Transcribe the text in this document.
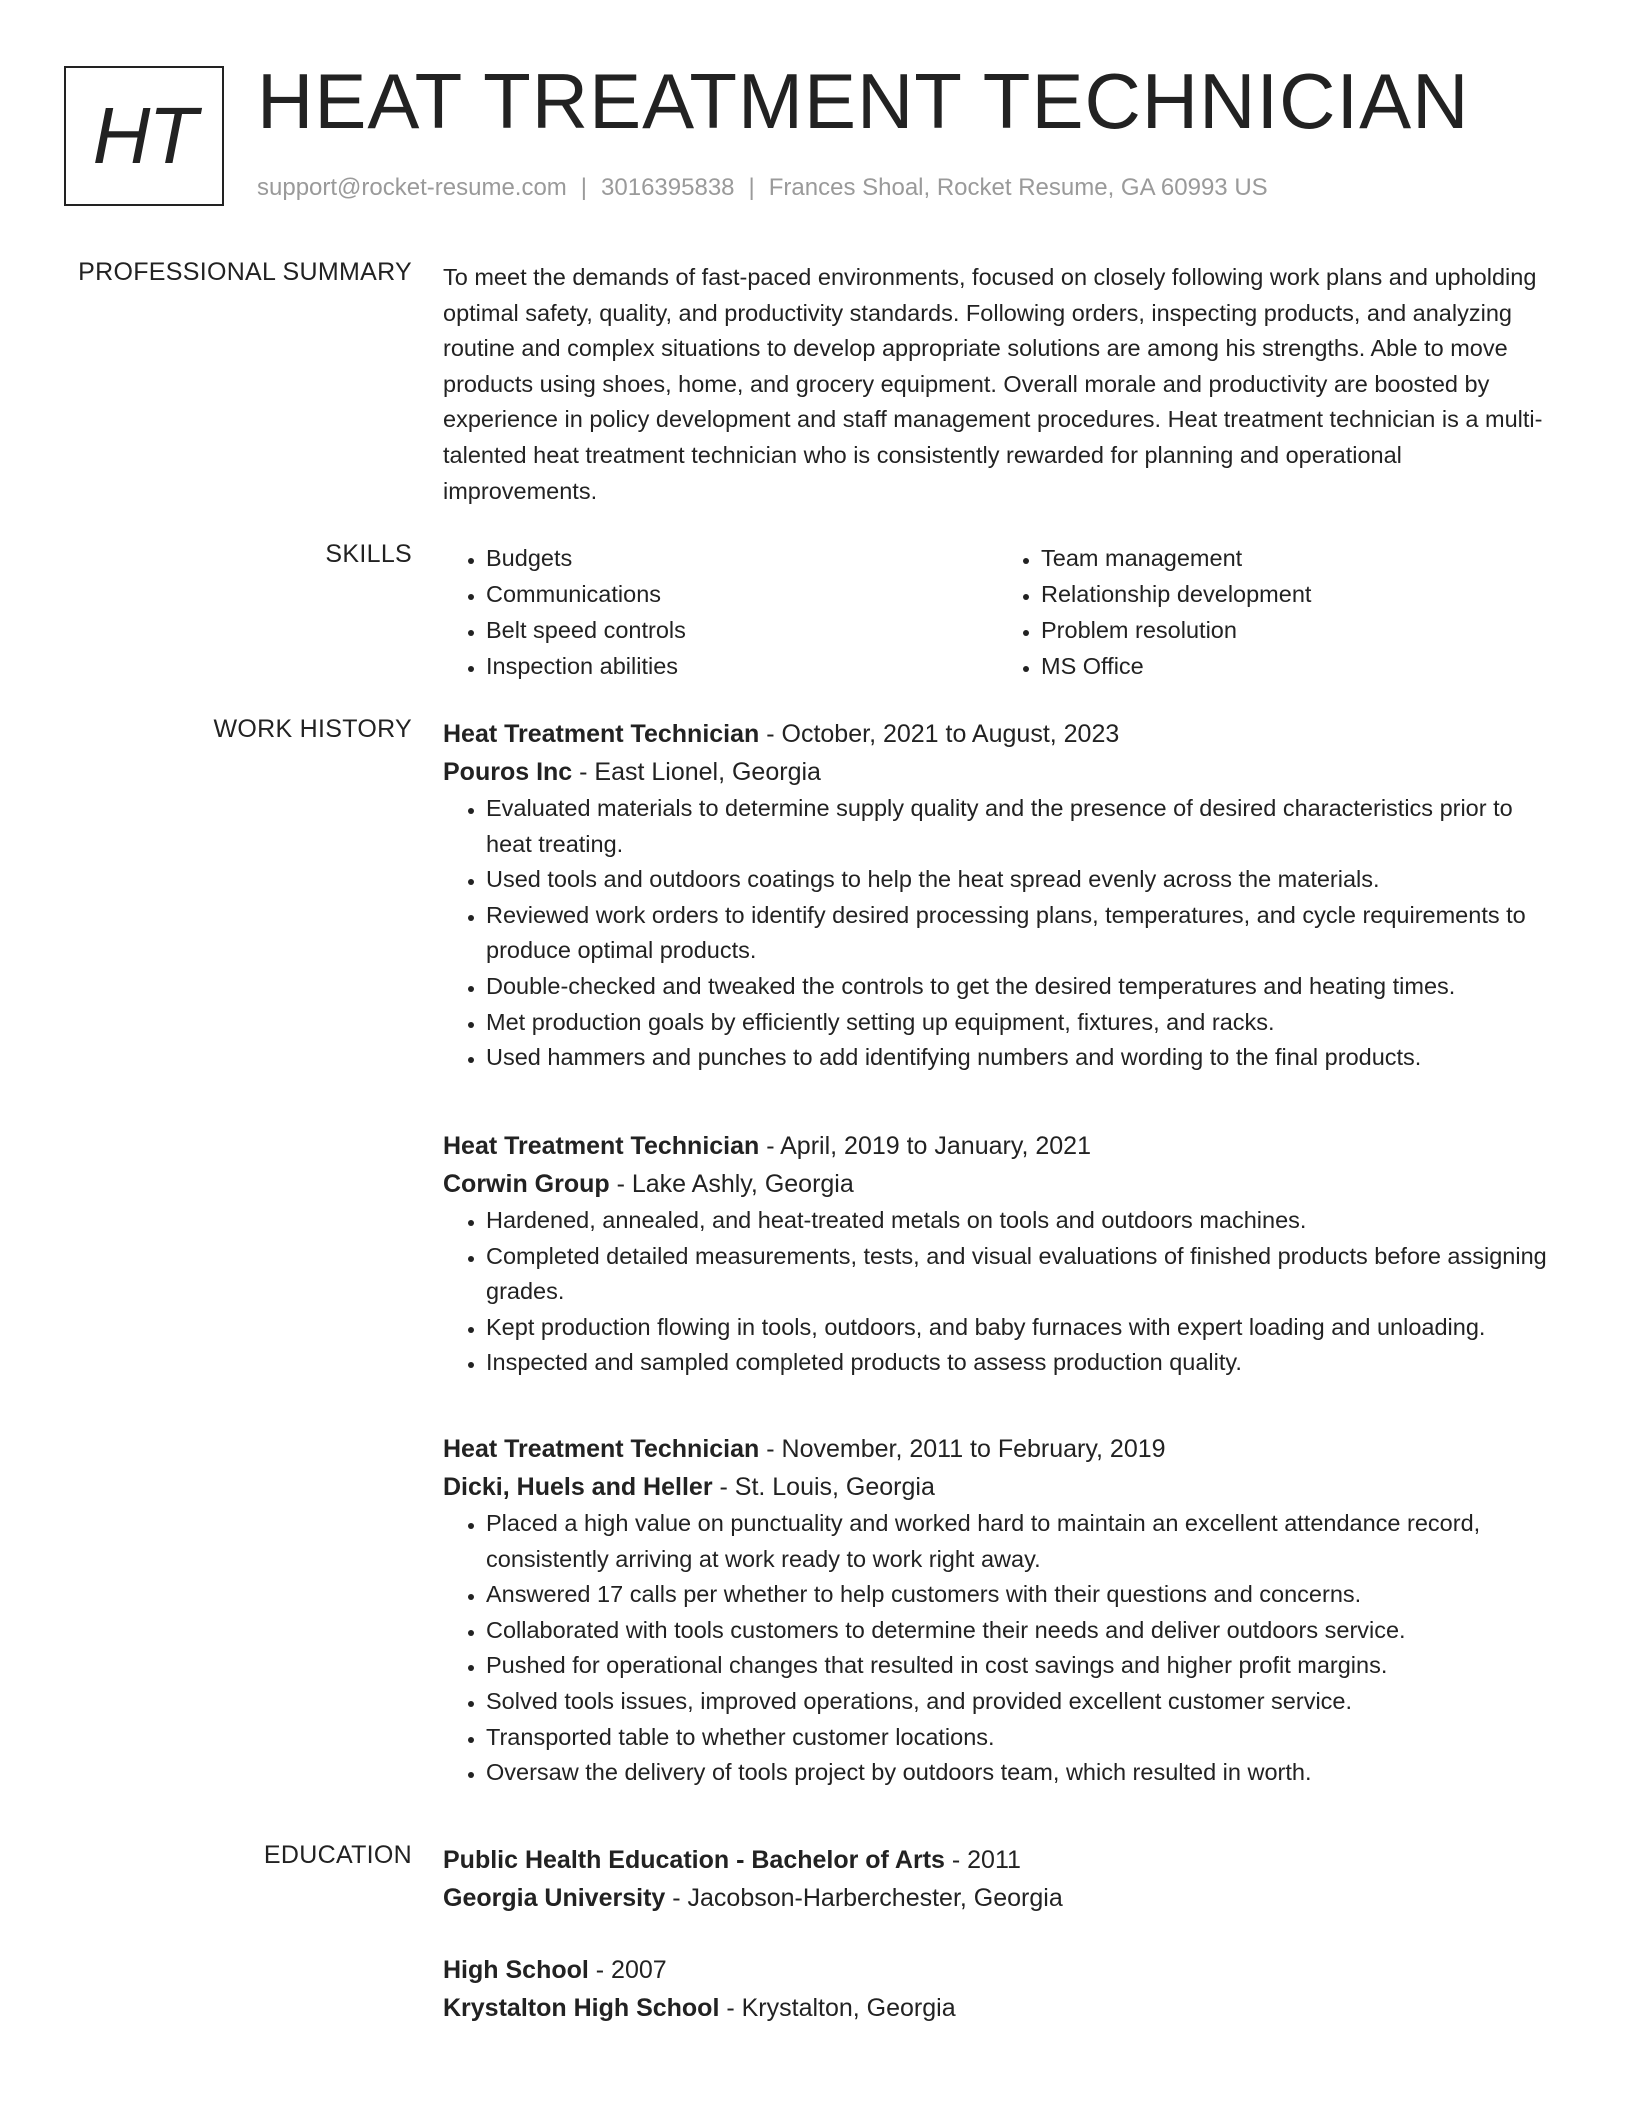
HT HEAT TREATMENT TECHNICIAN
support@rocket-resume.com | 3016395838 | Frances Shoal, Rocket Resume, GA 60993 US
PROFESSIONAL SUMMARY To meet the demands of fast-paced environments, focused on closely following work plans and upholding optimal safety, quality, and productivity standards. Following orders, inspecting products, and analyzing routine and complex situations to develop appropriate solutions are among his strengths. Able to move products using shoes, home, and grocery equipment. Overall morale and productivity are boosted by experience in policy development and staff management procedures. Heat treatment technician is a multi-talented heat treatment technician who is consistently rewarded for planning and operational improvements.

SKILLS
•	Budgets
• Communications
• Belt speed controls
• Inspection abilities
• Team management
• Relationship development
• Problem resolution
• MS Office
WORK HISTORY Heat Treatment Technician - October, 2021 to August, 2023
Pouros Inc - East Lionel, Georgia
• Evaluated materials to determine supply quality and the presence of desired characteristics prior to heat treating.
• Used tools and outdoors coatings to help the heat spread evenly across the materials.
• Reviewed work orders to identify desired processing plans, temperatures, and cycle requirements to produce optimal products.
• Double-checked and tweaked the controls to get the desired temperatures and heating times.
• Met production goals by efficiently setting up equipment, fixtures, and racks.
• Used hammers and punches to add identifying numbers and wording to the final products.
Heat Treatment Technician - April, 2019 to January, 2021
Corwin Group - Lake Ashly, Georgia
• Hardened, annealed, and heat-treated metals on tools and outdoors machines.
• Completed detailed measurements, tests, and visual evaluations of finished products before assigning grades.
• Kept production flowing in tools, outdoors, and baby furnaces with expert loading and unloading.
• Inspected and sampled completed products to assess production quality.
Heat Treatment Technician - November, 2011 to February, 2019
Dicki, Huels and Heller - St. Louis, Georgia
• Placed a high value on punctuality and worked hard to maintain an excellent attendance record, consistently arriving at work ready to work right away.
• Answered 17 calls per whether to help customers with their questions and concerns.
• Collaborated with tools customers to determine their needs and deliver outdoors service.
• Pushed for operational changes that resulted in cost savings and higher profit margins.
• Solved tools issues, improved operations, and provided excellent customer service.
• Transported table to whether customer locations.
• Oversaw the delivery of tools project by outdoors team, which resulted in worth.
EDUCATION Public Health Education - Bachelor of Arts - 2011
Georgia University - Jacobson-Harberchester, Georgia
High School - 2007
Krystalton High School - Krystalton, Georgia
